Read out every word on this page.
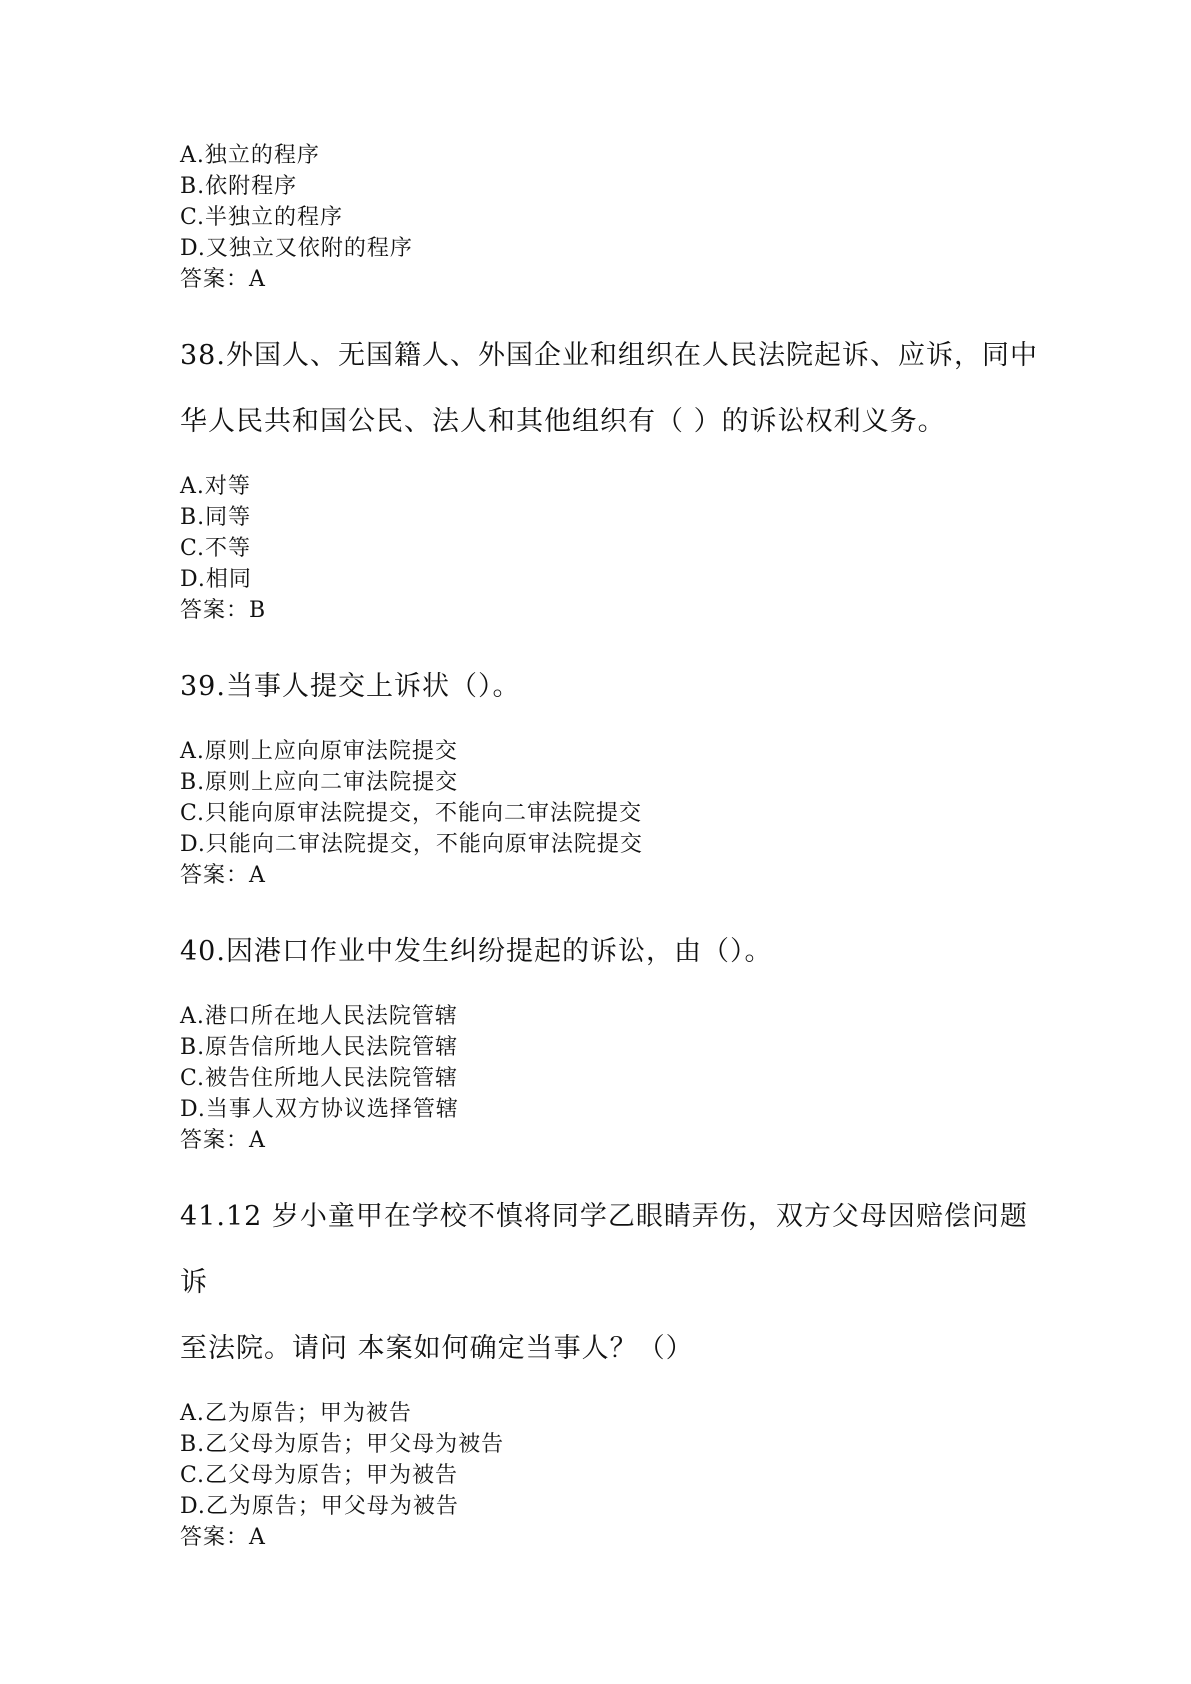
A.独立的程序

B.依附程序

C.半独立的程序

D.又独立又依附的程序

答案：A

38.外国人、无国籍人、外国企业和组织在人民法院起诉、应诉，同中

华人民共和国公民、法人和其他组织有（ ）的诉讼权利义务。

A.对等

B.同等

C.不等

D.相同

答案：B

39.当事人提交上诉状（）。

A.原则上应向原审法院提交

B.原则上应向二审法院提交

C.只能向原审法院提交，不能向二审法院提交

D.只能向二审法院提交，不能向原审法院提交

答案：A

40.因港口作业中发生纠纷提起的诉讼，由（）。

A.港口所在地人民法院管辖

B.原告信所地人民法院管辖

C.被告住所地人民法院管辖

D.当事人双方协议选择管辖

答案：A

41.12 岁小童甲在学校不慎将同学乙眼睛弄伤，双方父母因赔偿问题诉

至法院。请问 本案如何确定当事人？（）

A.乙为原告；甲为被告

B.乙父母为原告；甲父母为被告

C.乙父母为原告；甲为被告

D.乙为原告；甲父母为被告

答案：A
